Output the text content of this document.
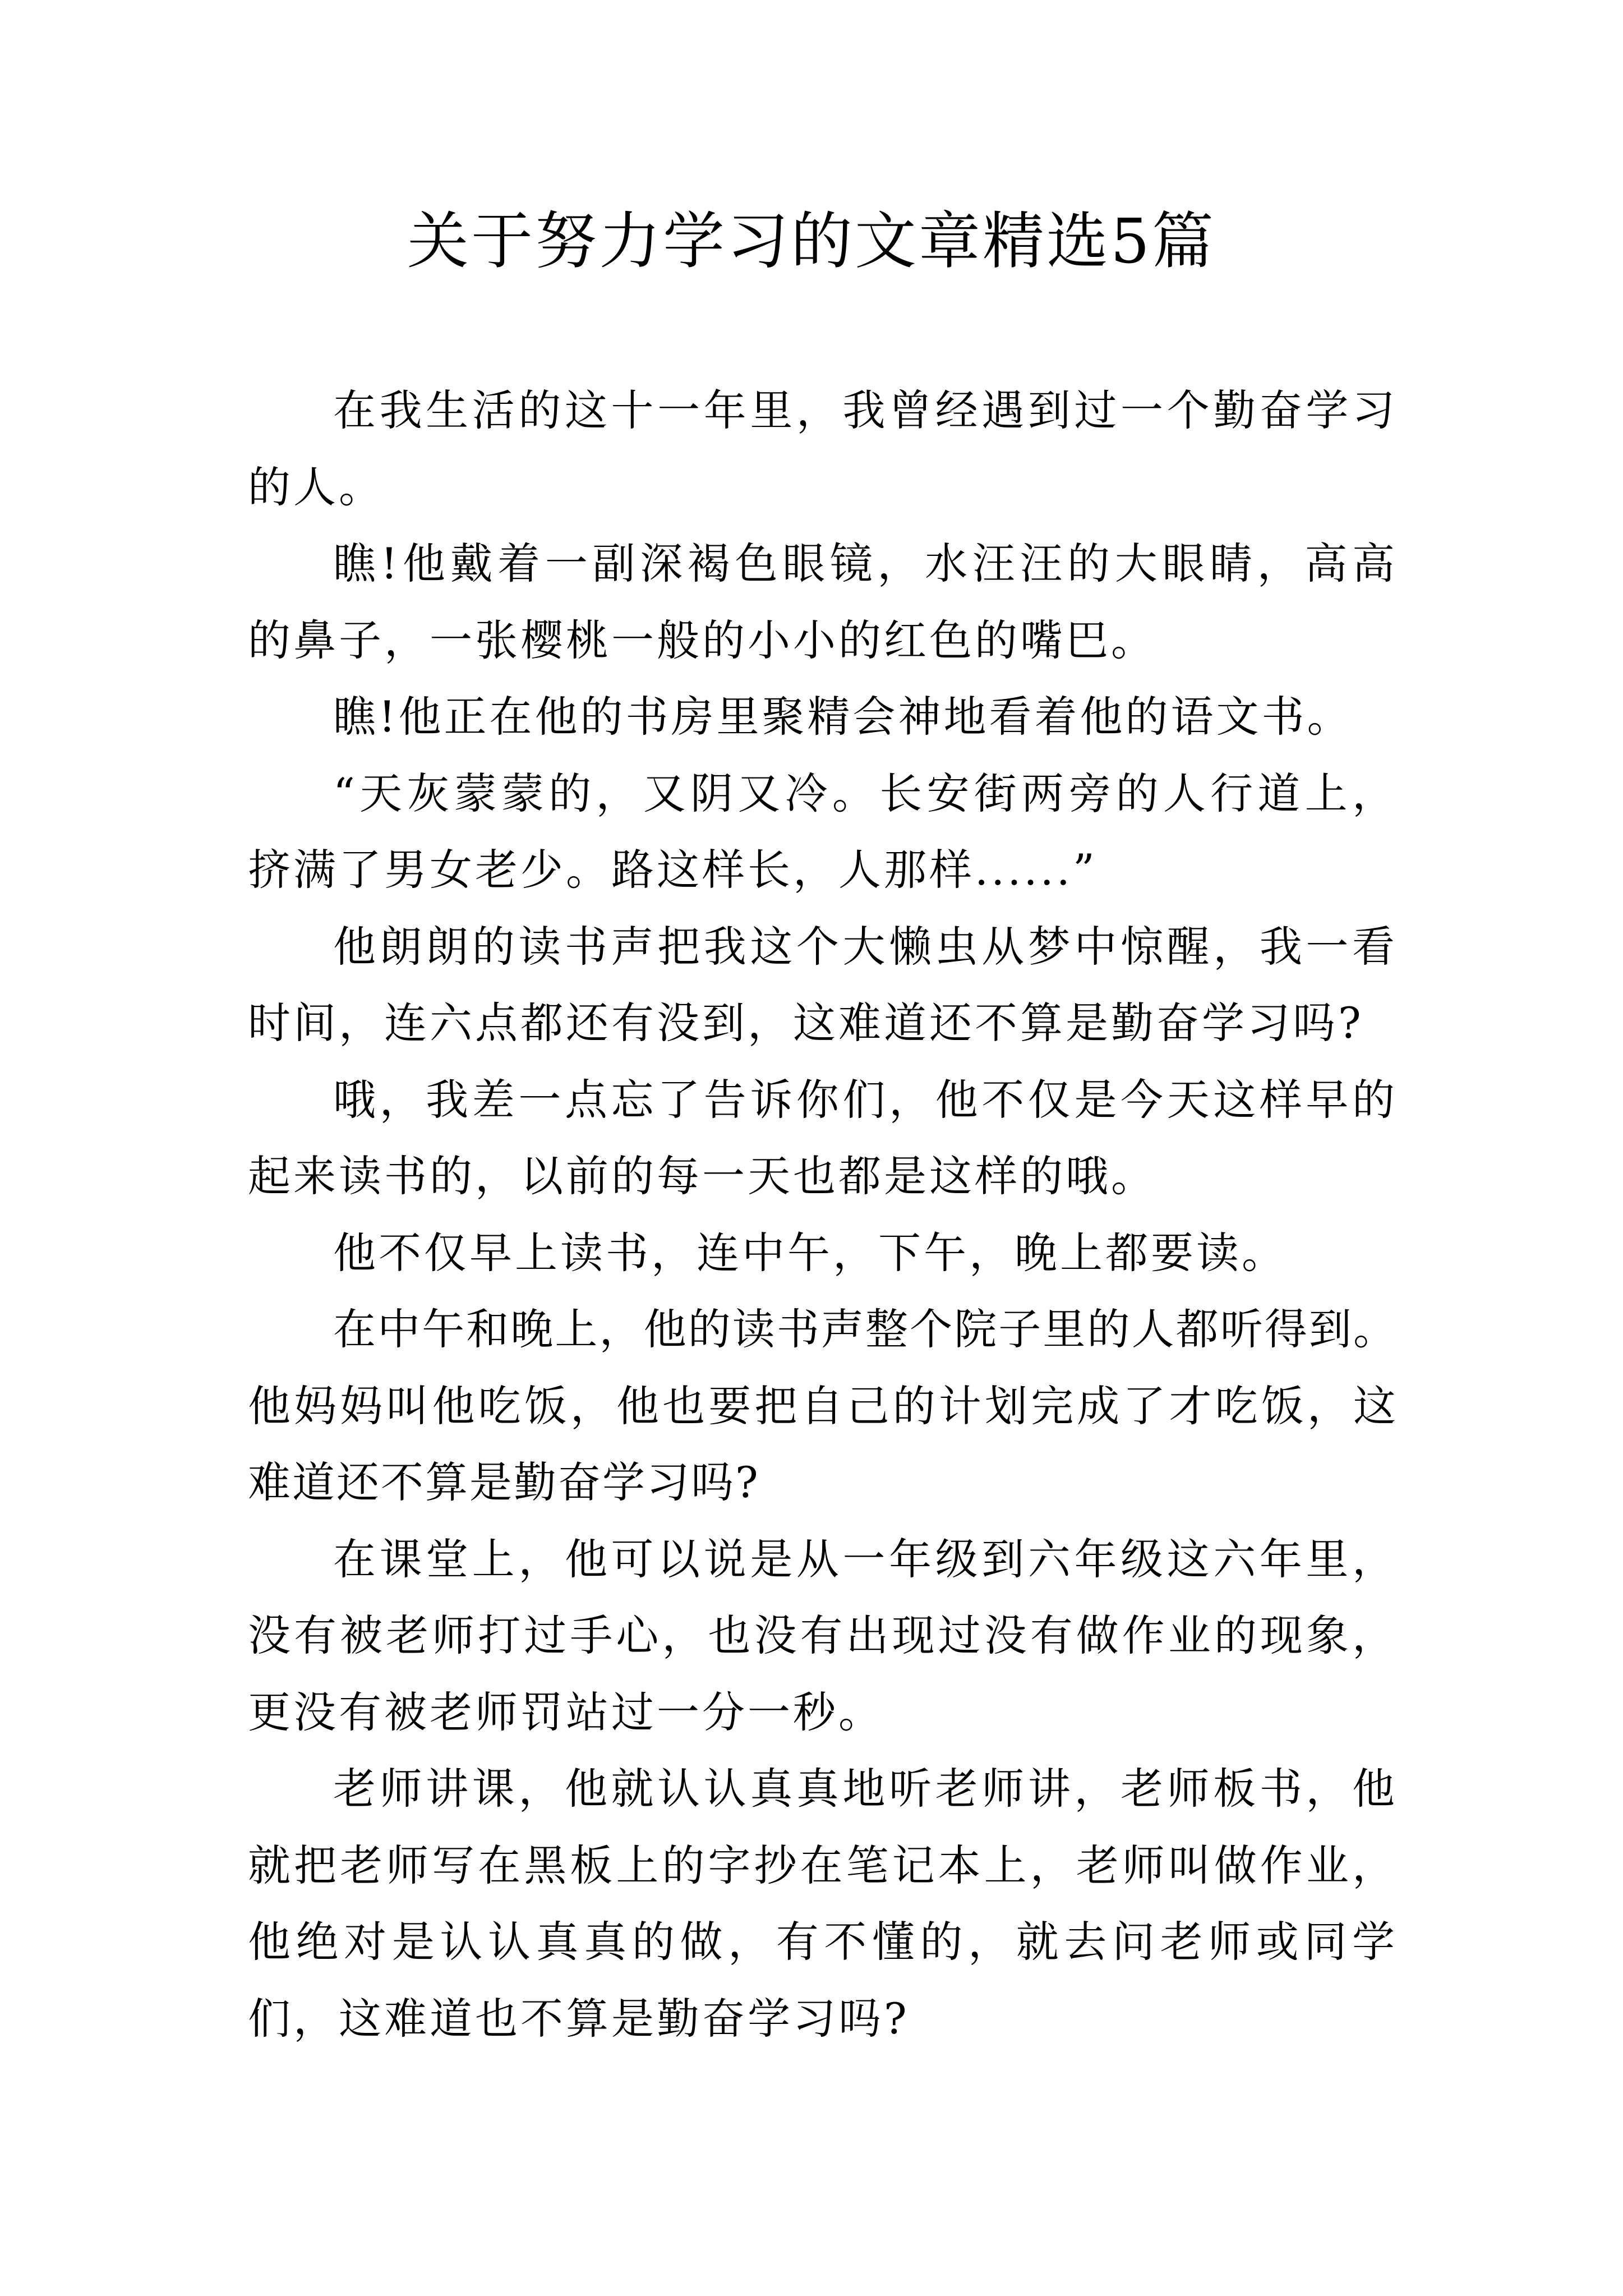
关于努力学习的文章精选5篇

在我生活的这十一年里，我曾经遇到过一个勤奋学习的人。

瞧!他戴着一副深褐色眼镜，水汪汪的大眼睛，高高的鼻子，一张樱桃一般的小小的红色的嘴巴。

瞧!他正在他的书房里聚精会神地看着他的语文书。

“天灰蒙蒙的，又阴又冷。长安街两旁的人行道上，挤满了男女老少。路这样长，人那样......”

他朗朗的读书声把我这个大懒虫从梦中惊醒，我一看时间，连六点都还有没到，这难道还不算是勤奋学习吗?

哦，我差一点忘了告诉你们，他不仅是今天这样早的起来读书的，以前的每一天也都是这样的哦。

他不仅早上读书，连中午，下午，晚上都要读。

在中午和晚上，他的读书声整个院子里的人都听得到。他妈妈叫他吃饭，他也要把自己的计划完成了才吃饭，这难道还不算是勤奋学习吗?

在课堂上，他可以说是从一年级到六年级这六年里，没有被老师打过手心，也没有出现过没有做作业的现象，更没有被老师罚站过一分一秒。

老师讲课，他就认认真真地听老师讲，老师板书，他就把老师写在黑板上的字抄在笔记本上，老师叫做作业，他绝对是认认真真的做，有不懂的，就去问老师或同学们，这难道也不算是勤奋学习吗?
